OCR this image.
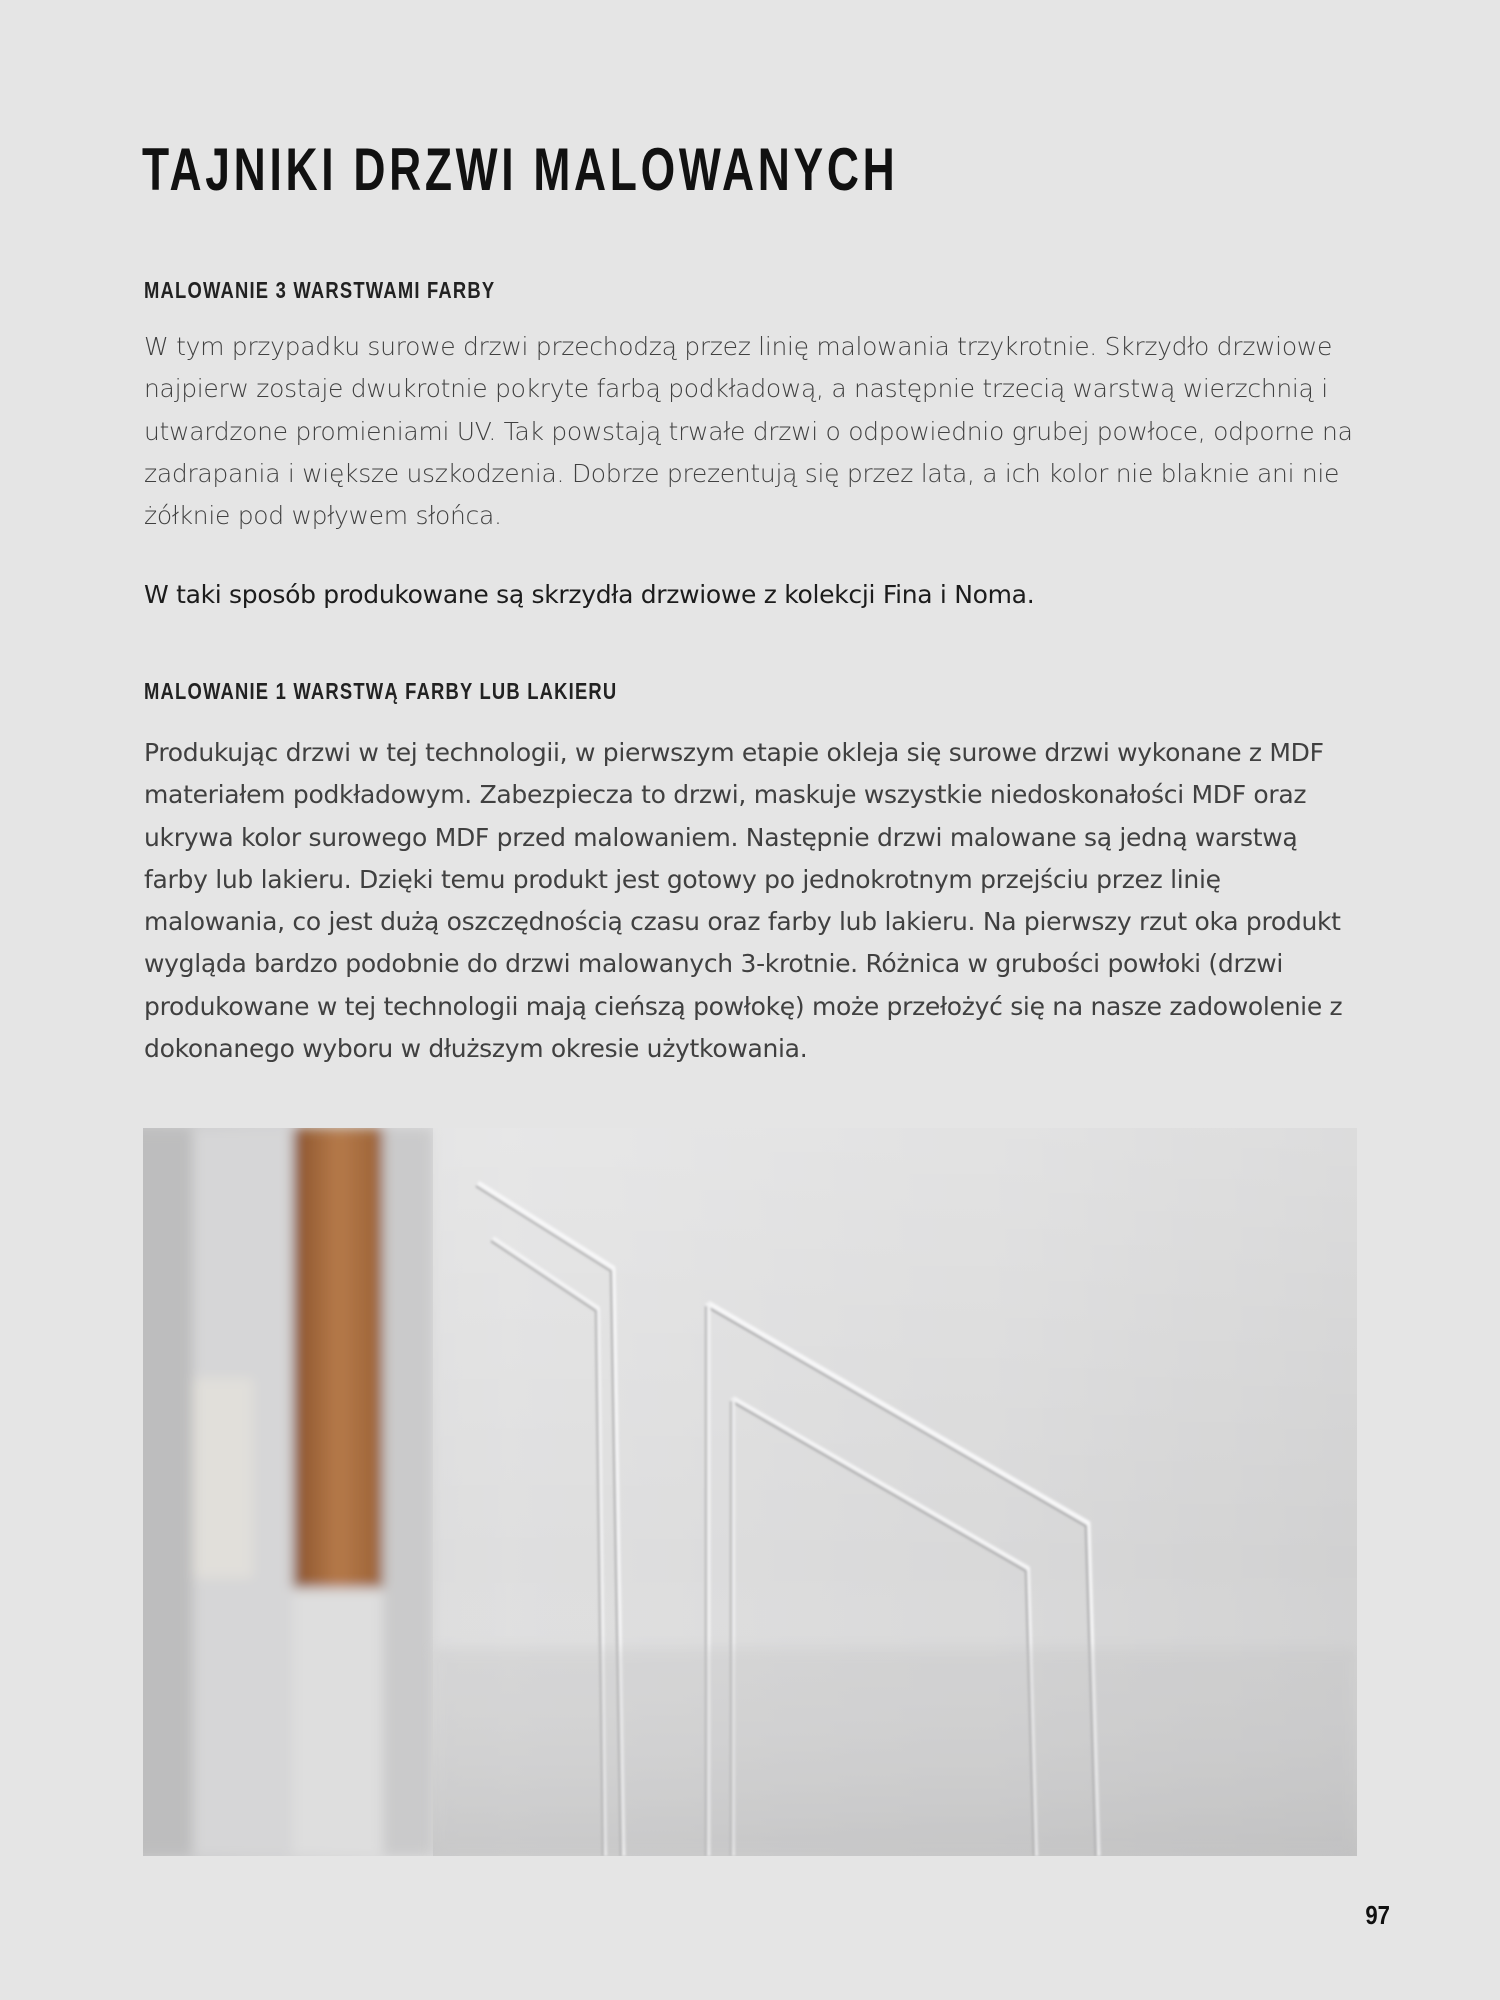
TAJNIKI DRZWI MALOWANYCH
MALOWANIE 3 WARSTWAMI FARBY

W tym przypadku surowe drzwi przechodzą przez linię malowania trzykrotnie. Skrzydło drzwiowe najpierw zostaje dwukrotnie pokryte farbą podkładową, a następnie trzecią warstwą wierzchnią i utwardzone promieniami UV. Tak powstają trwałe drzwi o odpowiednio grubej powłoce, odporne na zadrapania i większe uszkodzenia. Dobrze prezentują się przez lata, a ich kolor nie blaknie ani nie żółknie pod wpływem słońca.

W taki sposób produkowane są skrzydła drzwiowe z kolekcji Fina i Noma.

MALOWANIE 1 WARSTWĄ FARBY LUB LAKIERU

Produkując drzwi w tej technologii, w pierwszym etapie okleja się surowe drzwi wykonane z MDF materiałem podkładowym. Zabezpiecza to drzwi, maskuje wszystkie niedoskonałości MDF oraz ukrywa kolor surowego MDF przed malowaniem. Następnie drzwi malowane są jedną warstwą farby lub lakieru. Dzięki temu produkt jest gotowy po jednokrotnym przejściu przez linię malowania, co jest dużą oszczędnością czasu oraz farby lub lakieru. Na pierwszy rzut oka produkt wygląda bardzo podobnie do drzwi malowanych 3-krotnie. Różnica w grubości powłoki (drzwi produkowane w tej technologii mają cieńszą powłokę) może przełożyć się na nasze zadowolenie z dokonanego wyboru w dłuższym okresie użytkowania.

97
